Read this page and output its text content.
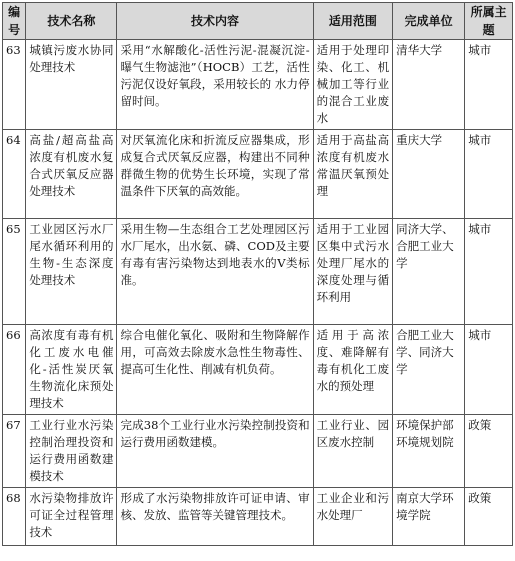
编号	技术名称	技术内容	适用范围	完成单位	所属主题
63	城镇污废水协同处理技术	采用“水解酸化-活性污泥-混凝沉淀-曝气生物滤池”（HOCB）工艺，活性污泥仅设好氧段，采用较长的 水力停留时间。	适用于处理印染、化工、机械加工等行业的混合工业废水	清华大学	城市
64	高盐/超高盐高浓度有机废水复合式厌氧反应器处理技术	对厌氧流化床和折流反应器集成，形成复合式厌氧反应器，构建出不同种群微生物的优势生长环境，实现了常温条件下厌氧的高效能。	适用于高盐高浓度有机废水常温厌氧预处理	重庆大学	城市
65	工业园区污水厂尾水循环利用的生物-生态深度处理技术	采用生物—生态组合工艺处理园区污水厂尾水，出水氨、磷、COD及主要有毒有害污染物达到地表水的Ⅴ类标准。	适用于工业园区集中式污水处理厂尾水的深度处理与循环利用	同济大学、合肥工业大学	城市
66	高浓度有毒有机化工废水电催化-活性炭厌氧生物流化床预处理技术	综合电催化氧化、吸附和生物降解作用，可高效去除废水急性生物毒性、提高可生化性、削减有机负荷。	适用于高浓度、难降解有毒有机化工废水的预处理	合肥工业大学、同济大学	城市
67	工业行业水污染控制治理投资和运行费用函数建模技术	完成38个工业行业水污染控制投资和运行费用函数建模。	工业行业、园区废水控制	环境保护部环境规划院	政策
68	水污染物排放许可证全过程管理技术	形成了水污染物排放许可证申请、审核、发放、监管等关键管理技术。	工业企业和污水处理厂	南京大学环境学院	政策
